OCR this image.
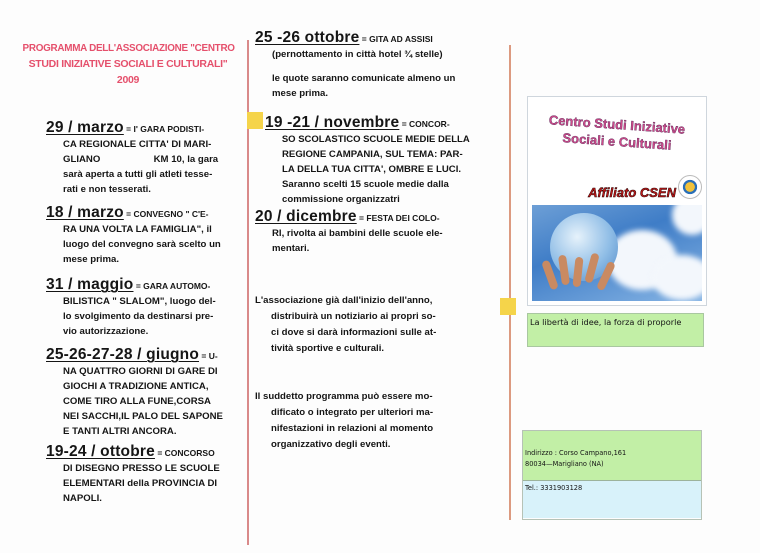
PROGRAMMA DELL'ASSOCIAZIONE "CENTRO
STUDI INIZIATIVE SOCIALI E CULTURALI"
2009
Centro Studi Iniziative
Sociali e Culturali
Affiliato CSEN
La libertà di idee, la forza di proporle
Indirizzo : Corso Campano,161
80034—Marigliano (NA)
Tel.: 3331903128
29 / marzo = I' GARA PODISTI-
CA REGIONALE CITTA' DI MARI-
GLIANO                    KM 10, la gara
sarà aperta a tutti gli atleti tesse-
rati e non tesserati.
18 / marzo = CONVEGNO " C'E-
RA UNA VOLTA LA FAMIGLIA", il
luogo del convegno sarà scelto un
mese prima.
31 / maggio = GARA AUTOMO-
BILISTICA " SLALOM", luogo del-
lo svolgimento da destinarsi pre-
vio autorizzazione.
25-26-27-28 / giugno = U-
NA QUATTRO GIORNI DI GARE DI
GIOCHI A TRADIZIONE ANTICA,
COME TIRO ALLA FUNE,CORSA
NEI SACCHI,IL PALO DEL SAPONE
E TANTI ALTRI ANCORA.
19-24 / ottobre = CONCORSO
DI DISEGNO PRESSO LE SCUOLE
ELEMENTARI della PROVINCIA DI
NAPOLI.
25 -26 ottobre = GITA AD ASSISI
(pernottamento in città hotel ¾ stelle)
le quote saranno comunicate almeno un
mese prima.
19 -21 / novembre = CONCOR-
SO SCOLASTICO SCUOLE MEDIE DELLA
REGIONE CAMPANIA, SUL TEMA: PAR-
LA DELLA TUA CITTA', OMBRE E LUCI.
Saranno scelti 15 scuole medie dalla
commissione organizzatri
20 / dicembre = FESTA DEI COLO-
RI, rivolta ai bambini delle scuole ele-
mentari.
L'associazione già dall'inizio dell'anno,
distribuirà un notiziario ai propri so-
ci dove si darà informazioni sulle at-
tività sportive e culturali.
Il suddetto programma può essere mo-
dificato o integrato per ulteriori ma-
nifestazioni in relazioni al momento
organizzativo degli eventi.
